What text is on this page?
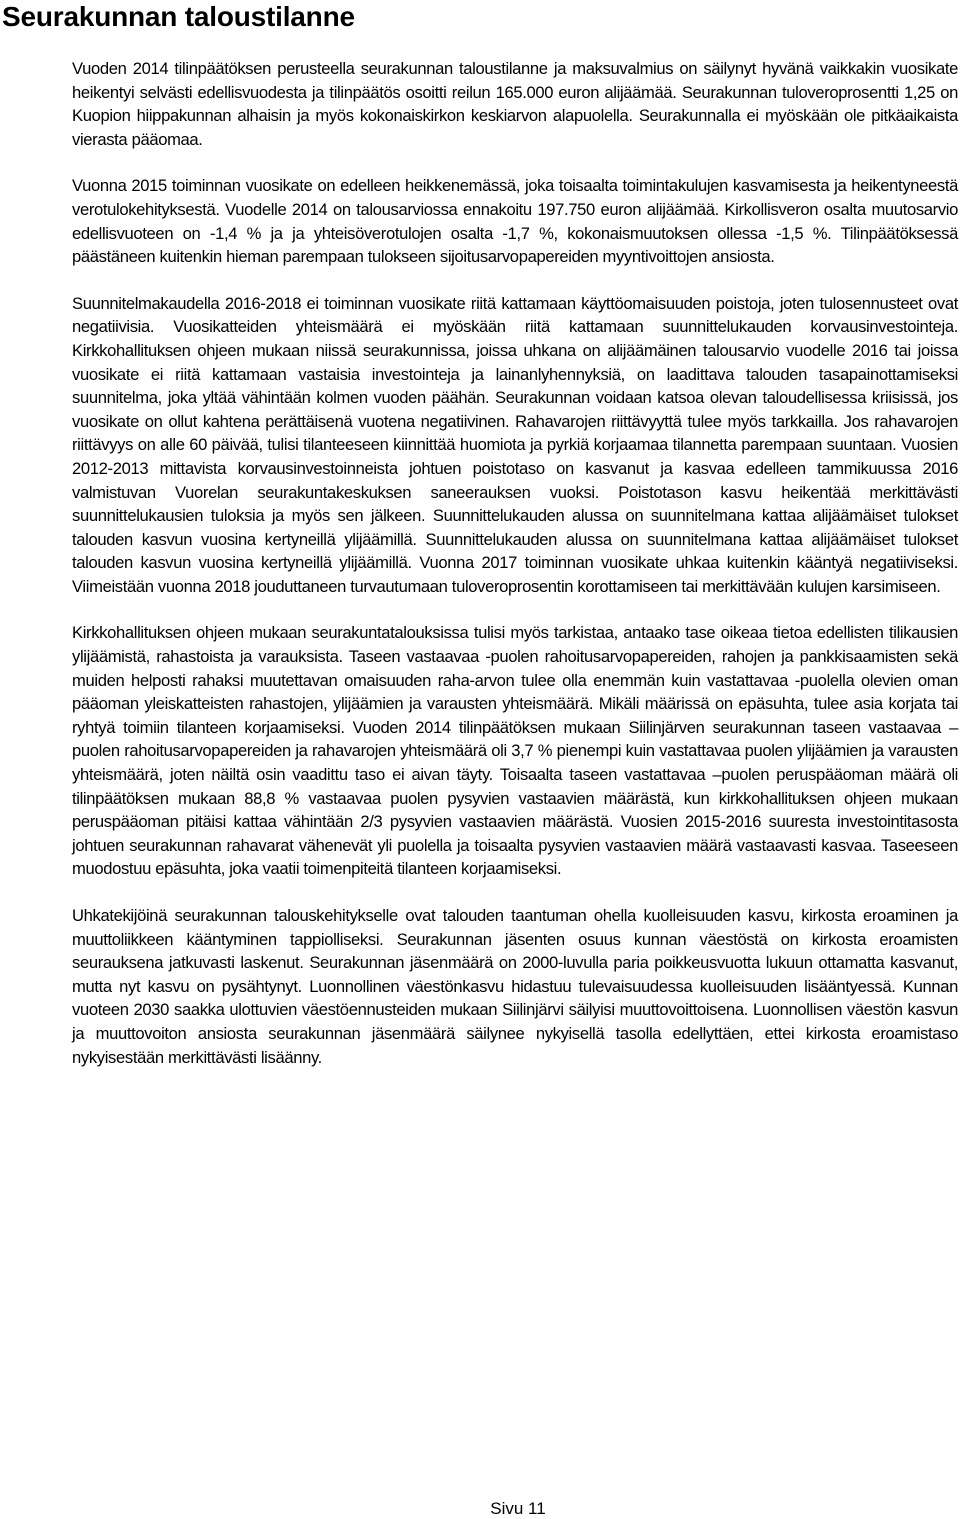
Seurakunnan taloustilanne

Vuoden 2014 tilinpäätöksen perusteella seurakunnan taloustilanne ja maksuvalmius on säilynyt hyvänä vaikkakin vuosikate heikentyi selvästi edellisvuodesta ja tilinpäätös osoitti reilun 165.000 euron alijäämää. Seurakunnan tuloveroprosentti 1,25 on Kuopion hiippakunnan alhaisin ja myös kokonaiskirkon keskiarvon alapuolella. Seurakunnalla ei myöskään ole pitkäaikaista vierasta pääomaa.

Vuonna 2015 toiminnan vuosikate on edelleen heikkenemässä, joka toisaalta toimintakulujen kasvamisesta ja heikentyneestä verotulokehityksestä. Vuodelle 2014 on talousarviossa ennakoitu 197.750 euron alijäämää. Kirkollisveron osalta muutosarvio edellisvuoteen on -1,4 % ja ja yhteisöverotulojen osalta -1,7 %, kokonaismuutoksen ollessa -1,5 %. Tilinpäätöksessä päästäneen kuitenkin hieman parempaan tulokseen sijoitusarvopapereiden myyntivoittojen ansiosta.

Suunnitelmakaudella 2016-2018 ei toiminnan vuosikate riitä kattamaan käyttöomaisuuden poistoja, joten tulosennusteet ovat negatiivisia. Vuosikatteiden yhteismäärä ei myöskään riitä kattamaan suunnittelukauden korvausinvestointeja. Kirkkohallituksen ohjeen mukaan niissä seurakunnissa, joissa uhkana on alijäämäinen talousarvio vuodelle 2016 tai joissa vuosikate ei riitä kattamaan vastaisia investointeja ja lainanlyhennyksiä, on laadittava talouden tasapainottamiseksi suunnitelma, joka yltää vähintään kolmen vuoden päähän. Seurakunnan voidaan katsoa olevan taloudellisessa kriisissä, jos vuosikate on ollut kahtena perättäisenä vuotena negatiivinen. Rahavarojen riittävyyttä tulee myös tarkkailla. Jos rahavarojen riittävyys on alle 60 päivää, tulisi tilanteeseen kiinnittää huomiota ja pyrkiä korjaamaa tilannetta parempaan suuntaan. Vuosien 2012-2013 mittavista korvausinvestoinneista johtuen poistotaso on kasvanut ja kasvaa edelleen tammikuussa 2016 valmistuvan Vuorelan seurakuntakeskuksen saneerauksen vuoksi. Poistotason kasvu heikentää merkittävästi suunnittelukausien tuloksia ja myös sen jälkeen. Suunnittelukauden alussa on suunnitelmana kattaa alijäämäiset tulokset talouden kasvun vuosina kertyneillä ylijäämillä. Suunnittelukauden alussa on suunnitelmana kattaa alijäämäiset tulokset talouden kasvun vuosina kertyneillä ylijäämillä. Vuonna 2017 toiminnan vuosikate uhkaa kuitenkin kääntyä negatiiviseksi. Viimeistään vuonna 2018 jouduttaneen turvautumaan tuloveroprosentin korottamiseen tai merkittävään kulujen karsimiseen.

Kirkkohallituksen ohjeen mukaan seurakuntatalouksissa tulisi myös tarkistaa, antaako tase oikeaa tietoa edellisten tilikausien ylijäämistä, rahastoista ja varauksista. Taseen vastaavaa -puolen rahoitusarvopapereiden, rahojen ja pankkisaamisten sekä muiden helposti rahaksi muutettavan omaisuuden raha-arvon tulee olla enemmän kuin vastattavaa -puolella olevien oman pääoman yleiskatteisten rahastojen, ylijäämien ja varausten yhteismäärä. Mikäli määrissä on epäsuhta, tulee asia korjata tai ryhtyä toimiin tilanteen korjaamiseksi. Vuoden 2014 tilinpäätöksen mukaan Siilinjärven seurakunnan taseen vastaavaa –puolen rahoitusarvopapereiden ja rahavarojen yhteismäärä oli 3,7 % pienempi kuin vastattavaa puolen ylijäämien ja varausten yhteismäärä, joten näiltä osin vaadittu taso ei aivan täyty. Toisaalta taseen vastattavaa –puolen peruspääoman määrä oli tilinpäätöksen mukaan 88,8 % vastaavaa puolen pysyvien vastaavien määrästä, kun kirkkohallituksen ohjeen mukaan peruspääoman pitäisi kattaa vähintään 2/3 pysyvien vastaavien määrästä. Vuosien 2015-2016 suuresta investointitasosta johtuen seurakunnan rahavarat vähenevät yli puolella ja toisaalta pysyvien vastaavien määrä vastaavasti kasvaa. Taseeseen muodostuu epäsuhta, joka vaatii toimenpiteitä tilanteen korjaamiseksi.

Uhkatekijöinä seurakunnan talouskehitykselle ovat talouden taantuman ohella kuolleisuuden kasvu, kirkosta eroaminen ja muuttoliikkeen kääntyminen tappiolliseksi. Seurakunnan jäsenten osuus kunnan väestöstä on kirkosta eroamisten seurauksena jatkuvasti laskenut. Seurakunnan jäsenmäärä on 2000-luvulla paria poikkeusvuotta lukuun ottamatta kasvanut, mutta nyt kasvu on pysähtynyt. Luonnollinen väestönkasvu hidastuu tulevaisuudessa kuolleisuuden lisääntyessä. Kunnan vuoteen 2030 saakka ulottuvien väestöennusteiden mukaan Siilinjärvi säilyisi muuttovoittoisena. Luonnollisen väestön kasvun ja muuttovoiton ansiosta seurakunnan jäsenmäärä säilynee nykyisellä tasolla edellyttäen, ettei kirkosta eroamistaso nykyisestään merkittävästi lisäänny.

Sivu 11
